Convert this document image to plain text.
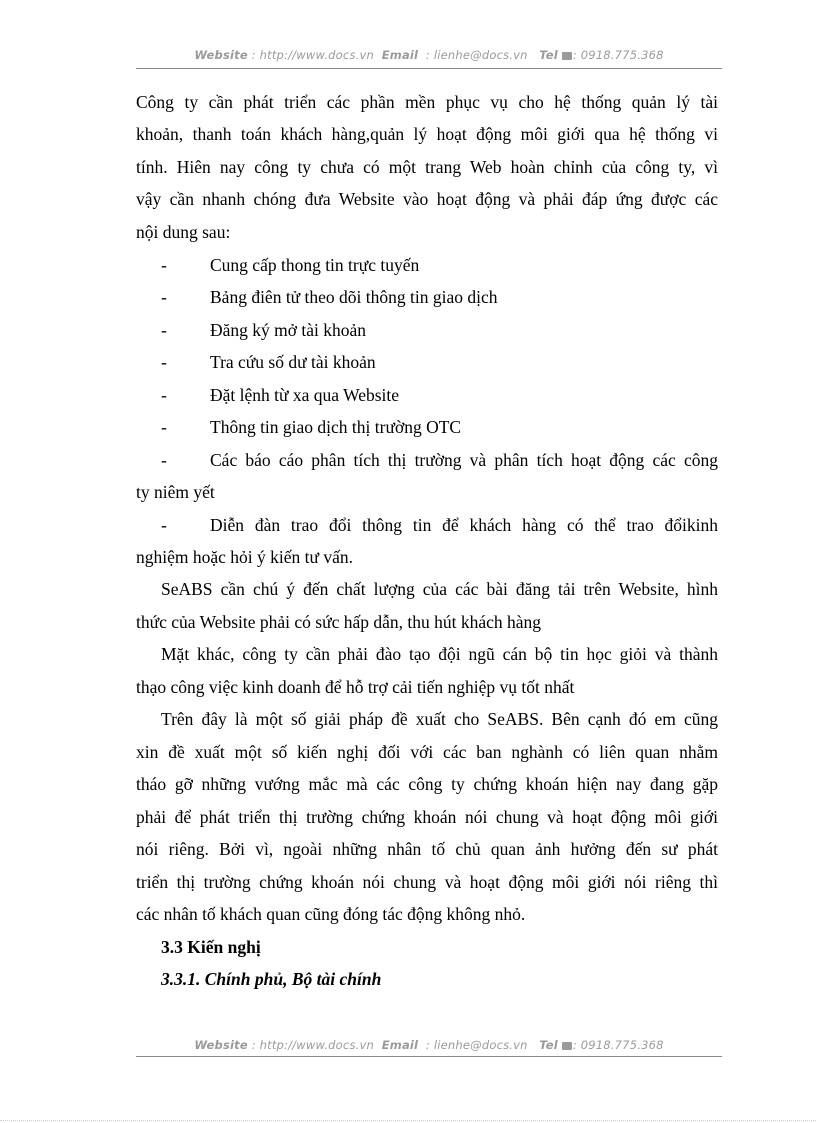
Website : http://www.docs.vn Email : lienhe@docs.vn Tel : 0918.775.368
Công ty cần phát triển các phần mền phục vụ cho hệ thống quản lý tài
khoản, thanh toán khách hàng,quản lý hoạt động môi giới qua hệ thống vi
tính. Hiên nay công ty chưa có một trang Web hoàn chỉnh của công ty, vì
vậy cần nhanh chóng đưa Website vào hoạt động và phải đáp ứng được các
nội dung sau:
- Cung cấp thong tin trực tuyến
- Bảng điên tử theo dõi thông tin giao dịch
- Đăng ký mở tài khoản
- Tra cứu số dư tài khoản
- Đặt lệnh từ xa qua Website
- Thông tin giao dịch thị trường OTC
- Các báo cáo phân tích thị trường và phân tích hoạt động các công
ty niêm yết
- Diễn đàn trao đổi thông tin để khách hàng có thể trao đổikinh
nghiệm hoặc hỏi ý kiến tư vấn.
SeABS cần chú ý đến chất lượng của các bài đăng tải trên Website, hình
thức của Website phải có sức hấp dẫn, thu hút khách hàng
Mặt khác, công ty cần phải đào tạo đội ngũ cán bộ tin học giỏi và thành
thạo công việc kinh doanh để hỗ trợ cải tiến nghiệp vụ tốt nhất
Trên đây là một số giải pháp đề xuất cho SeABS. Bên cạnh đó em cũng
xin đề xuất một số kiến nghị đối với các ban nghành có liên quan nhằm
tháo gỡ những vướng mắc mà các công ty chứng khoán hiện nay đang gặp
phải để phát triển thị trường chứng khoán nói chung và hoạt động môi giới
nói riêng. Bởi vì, ngoài những nhân tố chủ quan ảnh hưởng đến sư phát
triển thị trường chứng khoán nói chung và hoạt động môi giới nói riêng thì
các nhân tố khách quan cũng đóng tác động không nhỏ.
3.3 Kiến nghị
3.3.1. Chính phủ, Bộ tài chính
Website : http://www.docs.vn Email : lienhe@docs.vn Tel : 0918.775.368
